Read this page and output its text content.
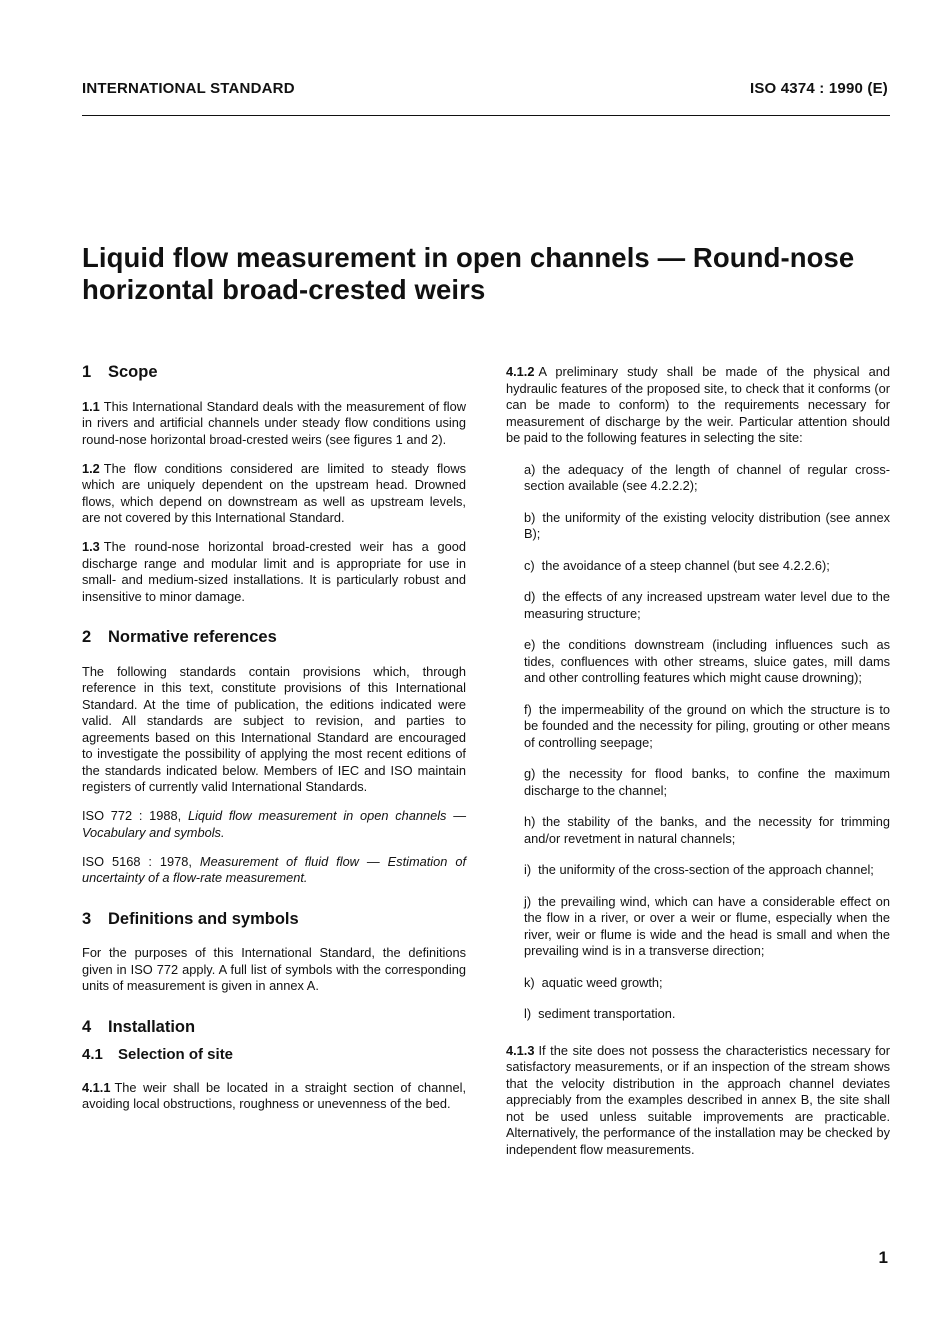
INTERNATIONAL STANDARD	ISO 4374 : 1990 (E)
Liquid flow measurement in open channels — Round-nose
horizontal broad-crested weirs
1 Scope

1.1 This International Standard deals with the measurement of flow in rivers and artificial channels under steady flow conditions using round-nose horizontal broad-crested weirs (see figures 1 and 2).

1.2 The flow conditions considered are limited to steady flows which are uniquely dependent on the upstream head. Drowned flows, which depend on downstream as well as upstream levels, are not covered by this International Standard.

1.3 The round-nose horizontal broad-crested weir has a good discharge range and modular limit and is appropriate for use in small- and medium-sized installations. It is particularly robust and insensitive to minor damage.

2 Normative references

The following standards contain provisions which, through reference in this text, constitute provisions of this International Standard. At the time of publication, the editions indicated were valid. All standards are subject to revision, and parties to agreements based on this International Standard are encouraged to investigate the possibility of applying the most recent editions of the standards indicated below. Members of IEC and ISO maintain registers of currently valid International Standards.

ISO 772 : 1988, Liquid flow measurement in open channels — Vocabulary and symbols.

ISO 5168 : 1978, Measurement of fluid flow — Estimation of uncertainty of a flow-rate measurement.

3 Definitions and symbols

For the purposes of this International Standard, the definitions given in ISO 772 apply. A full list of symbols with the corresponding units of measurement is given in annex A.

4 Installation
4.1 Selection of site

4.1.1 The weir shall be located in a straight section of channel, avoiding local obstructions, roughness or unevenness of the bed.

4.1.2 A preliminary study shall be made of the physical and hydraulic features of the proposed site, to check that it conforms (or can be made to conform) to the requirements necessary for measurement of discharge by the weir. Particular attention should be paid to the following features in selecting the site:

a) the adequacy of the length of channel of regular cross-section available (see 4.2.2.2);

b) the uniformity of the existing velocity distribution (see annex B);

c) the avoidance of a steep channel (but see 4.2.2.6);

d) the effects of any increased upstream water level due to the measuring structure;

e) the conditions downstream (including influences such as tides, confluences with other streams, sluice gates, mill dams and other controlling features which might cause drowning);

f) the impermeability of the ground on which the structure is to be founded and the necessity for piling, grouting or other means of controlling seepage;

g) the necessity for flood banks, to confine the maximum discharge to the channel;

h) the stability of the banks, and the necessity for trimming and/or revetment in natural channels;

i) the uniformity of the cross-section of the approach channel;

j) the prevailing wind, which can have a considerable effect on the flow in a river, or over a weir or flume, especially when the river, weir or flume is wide and the head is small and when the prevailing wind is in a transverse direction;

k) aquatic weed growth;

l) sediment transportation.

4.1.3 If the site does not possess the characteristics necessary for satisfactory measurements, or if an inspection of the stream shows that the velocity distribution in the approach channel deviates appreciably from the examples described in annex B, the site shall not be used unless suitable improvements are practicable. Alternatively, the performance of the installation may be checked by independent flow measurements.

1
